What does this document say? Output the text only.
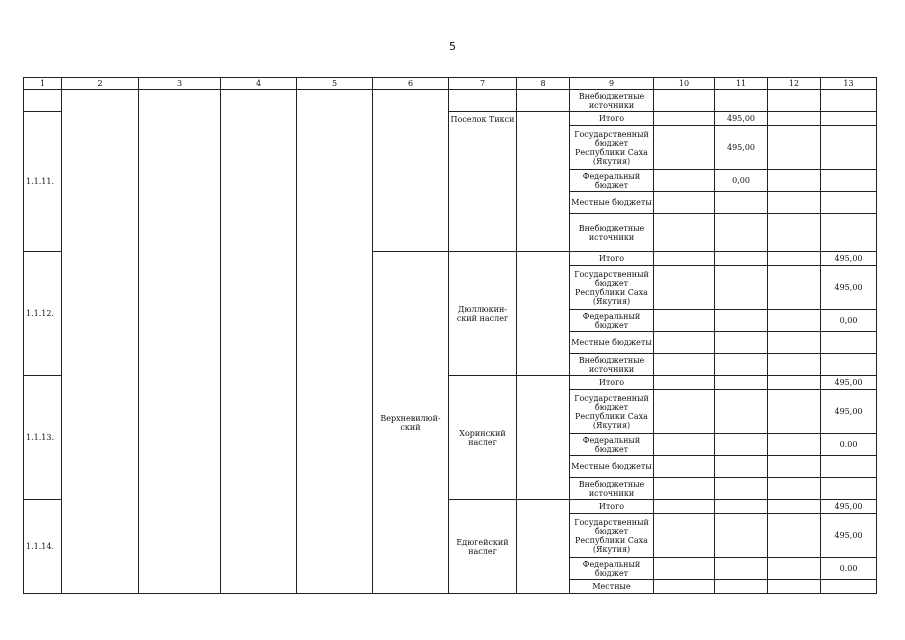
5
1	2	3	4	5	6	7	8	9	10	11	12	13
								Внебюджетные источники				
1.1.11.						Поселок Тикси		Итого		495,00		
								Государственный бюджет Республики Саха (Якутия)		495,00		
								Федеральный бюджет		0,00		
								Местные бюджеты				
								Внебюджетные источники				
1.1.12.					Верхневилюй-ский	Дюллюкин-ский наслег		Итого				495,00
								Государственный бюджет Республики Саха (Якутия)				495,00
								Федеральный бюджет				0,00
								Местные бюджеты				
								Внебюджетные источники				
1.1.13.						Хоринский наслег		Итого				495,00
								Государственный бюджет Республики Саха (Якутия)				495,00
								Федеральный бюджет				0.00
								Местные бюджеты				
								Внебюджетные источники				
1.1.14.						Едюгейский наслег		Итого				495,00
								Государственный бюджет Республики Саха (Якутия)				495,00
								Федеральный бюджет				0.00
								Местные				
